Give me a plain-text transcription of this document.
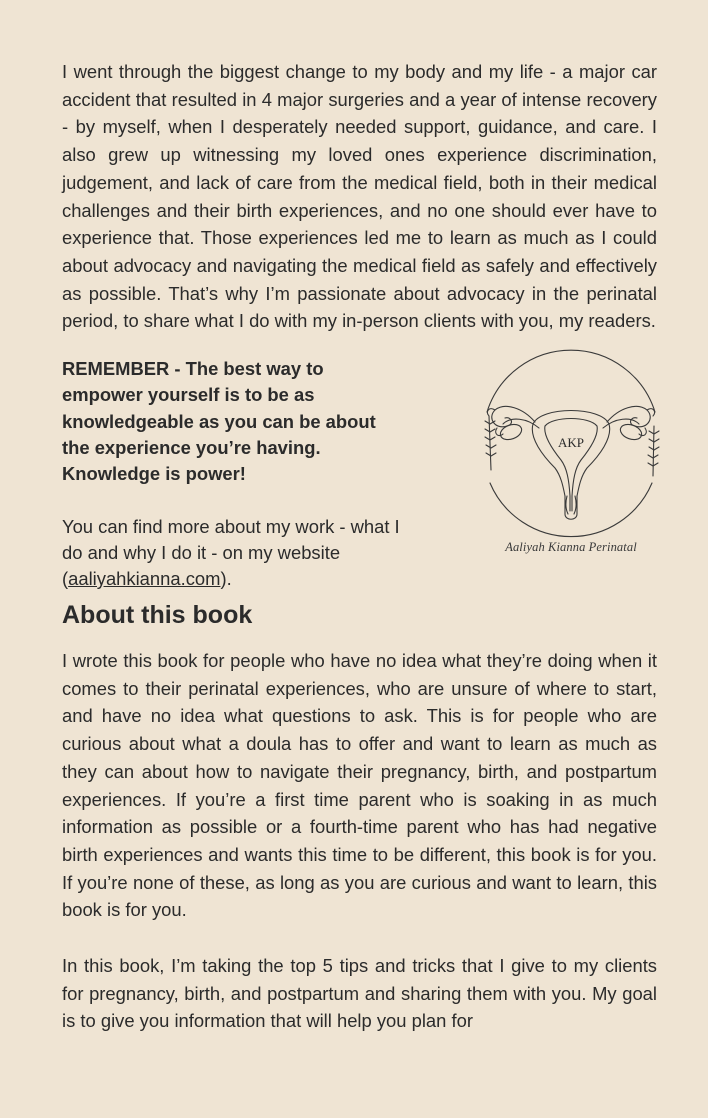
I went through the biggest change to my body and my life - a major car accident that resulted in 4 major surgeries and a year of intense recovery - by myself, when I desperately needed support, guidance, and care. I also grew up witnessing my loved ones experience discrimination, judgement, and lack of care from the medical field, both in their medical challenges and their birth experiences, and no one should ever have to experience that. Those experiences led me to learn as much as I could about advocacy and navigating the medical field as safely and effectively as possible. That’s why I’m passionate about advocacy in the perinatal period, to share what I do with my in-person clients with you, my readers.

REMEMBER - The best way to empower yourself is to be as knowledgeable as you can be about the experience you’re having. Knowledge is power!
You can find more about my work - what I do and why I do it - on my website (aaliyahkianna.com).
AKP
Aaliyah Kianna Perinatal
About this book

I wrote this book for people who have no idea what they’re doing when it comes to their perinatal experiences, who are unsure of where to start, and have no idea what questions to ask. This is for people who are curious about what a doula has to offer and want to learn as much as they can about how to navigate their pregnancy, birth, and postpartum experiences. If you’re a first time parent who is soaking in as much information as possible or a fourth-time parent who has had negative birth experiences and wants this time to be different, this book is for you. If you’re none of these, as long as you are curious and want to learn, this book is for you.

In this book, I’m taking the top 5 tips and tricks that I give to my clients for pregnancy, birth, and postpartum and sharing them with you. My goal is to give you information that will help you plan for
